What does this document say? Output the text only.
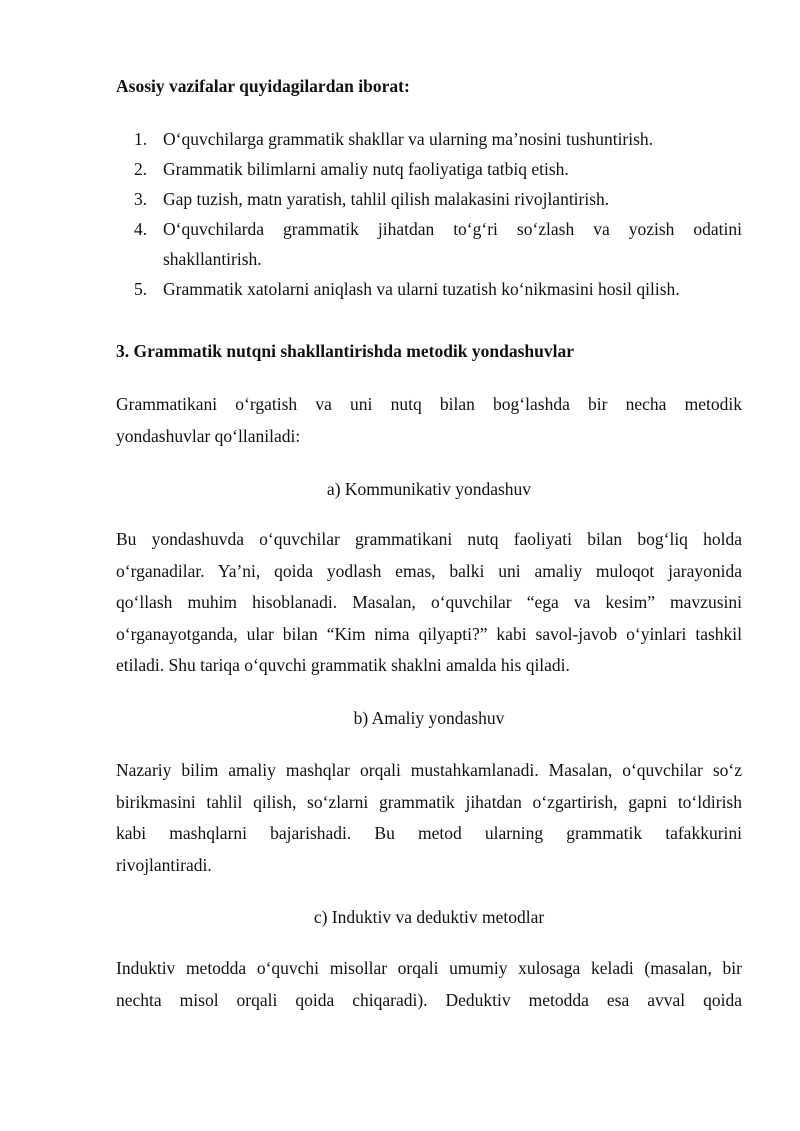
Asosiy vazifalar quyidagilardan iborat:

1. O‘quvchilarga grammatik shakllar va ularning ma’nosini tushuntirish.
2. Grammatik bilimlarni amaliy nutq faoliyatiga tatbiq etish.
3. Gap tuzish, matn yaratish, tahlil qilish malakasini rivojlantirish.
4. O‘quvchilarda grammatik jihatdan to‘g‘ri so‘zlash va yozish odatini
shakllantirish.
5. Grammatik xatolarni aniqlash va ularni tuzatish ko‘nikmasini hosil qilish.

3. Grammatik nutqni shakllantirishda metodik yondashuvlar

Grammatikani o‘rgatish va uni nutq bilan bog‘lashda bir necha metodik
yondashuvlar qo‘llaniladi:

a) Kommunikativ yondashuv

Bu yondashuvda o‘quvchilar grammatikani nutq faoliyati bilan bog‘liq holda
o‘rganadilar. Ya’ni, qoida yodlash emas, balki uni amaliy muloqot jarayonida
qo‘llash muhim hisoblanadi. Masalan, o‘quvchilar “ega va kesim” mavzusini
o‘rganayotganda, ular bilan “Kim nima qilyapti?” kabi savol-javob o‘yinlari tashkil
etiladi. Shu tariqa o‘quvchi grammatik shaklni amalda his qiladi.

b) Amaliy yondashuv

Nazariy bilim amaliy mashqlar orqali mustahkamlanadi. Masalan, o‘quvchilar so‘z
birikmasini tahlil qilish, so‘zlarni grammatik jihatdan o‘zgartirish, gapni to‘ldirish
kabi mashqlarni bajarishadi. Bu metod ularning grammatik tafakkurini
rivojlantiradi.

c) Induktiv va deduktiv metodlar

Induktiv metodda o‘quvchi misollar orqali umumiy xulosaga keladi (masalan, bir
nechta misol orqali qoida chiqaradi). Deduktiv metodda esa avval qoida
